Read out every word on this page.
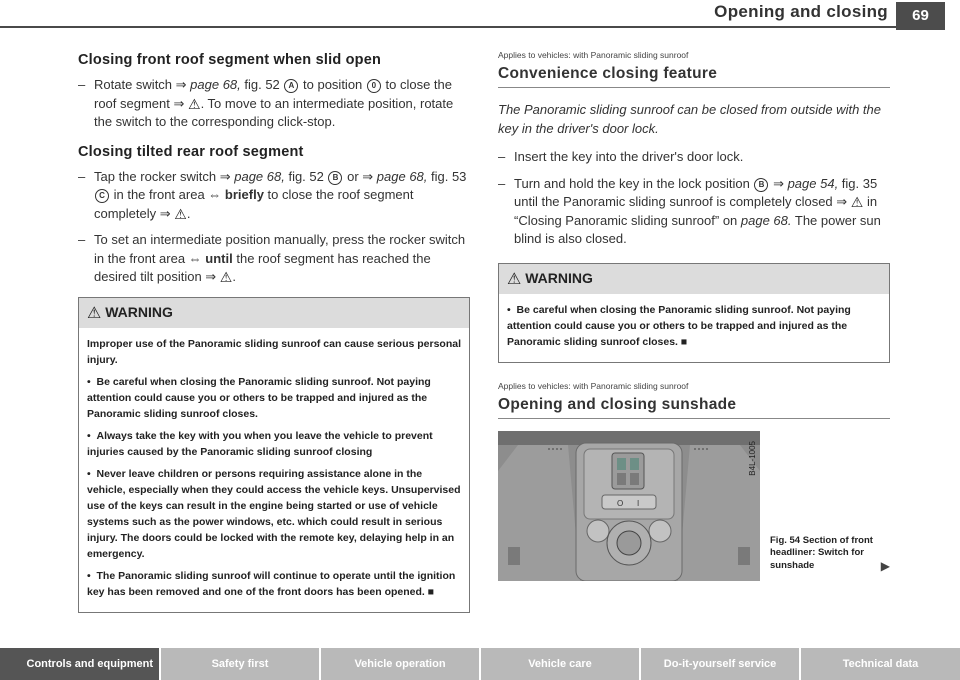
Opening and closing	69
Closing front roof segment when slid open
– Rotate switch ⇒ page 68, fig. 52 A to position 0 to close the roof segment ⇒ ⚠. To move to an intermediate position, rotate the switch to the corresponding click-stop.
Closing tilted rear roof segment
– Tap the rocker switch ⇒ page 68, fig. 52 B or ⇒ page 68, fig. 53 C in the front area ⇔ briefly to close the roof segment completely ⇒ ⚠.
– To set an intermediate position manually, press the rocker switch in the front area ⇔ until the roof segment has reached the desired tilt position ⇒ ⚠.
⚠ WARNING

Improper use of the Panoramic sliding sunroof can cause serious personal injury.

•  Be careful when closing the Panoramic sliding sunroof. Not paying attention could cause you or others to be trapped and injured as the Panoramic sliding sunroof closes.

•  Always take the key with you when you leave the vehicle to prevent injuries caused by the Panoramic sliding sunroof closing

•  Never leave children or persons requiring assistance alone in the vehicle, especially when they could access the vehicle keys. Unsupervised use of the keys can result in the engine being started or use of vehicle systems such as the power windows, etc. which could result in serious injury. The doors could be locked with the remote key, delaying help in an emergency.

•  The Panoramic sliding sunroof will continue to operate until the ignition key has been removed and one of the front doors has been opened. ■

Applies to vehicles: with Panoramic sliding sunroof
Convenience closing feature
The Panoramic sliding sunroof can be closed from outside with the key in the driver's door lock.
– Insert the key into the driver's door lock.
– Turn and hold the key in the lock position B ⇒ page 54, fig. 35 until the Panoramic sliding sunroof is completely closed ⇒ ⚠ in “Closing Panoramic sliding sunroof” on page 68. The power sun blind is also closed.
⚠ WARNING

•  Be careful when closing the Panoramic sliding sunroof. Not paying attention could cause you or others to be trapped and injured as the Panoramic sliding sunroof closes. ■

Applies to vehicles: with Panoramic sliding sunroof
Opening and closing sunshade
O I
B4L-1005
Fig. 54 Section of front headliner: Switch for sunshade	▶
Controls and equipment	Safety first	Vehicle operation	Vehicle care	Do-it-yourself service	Technical data
